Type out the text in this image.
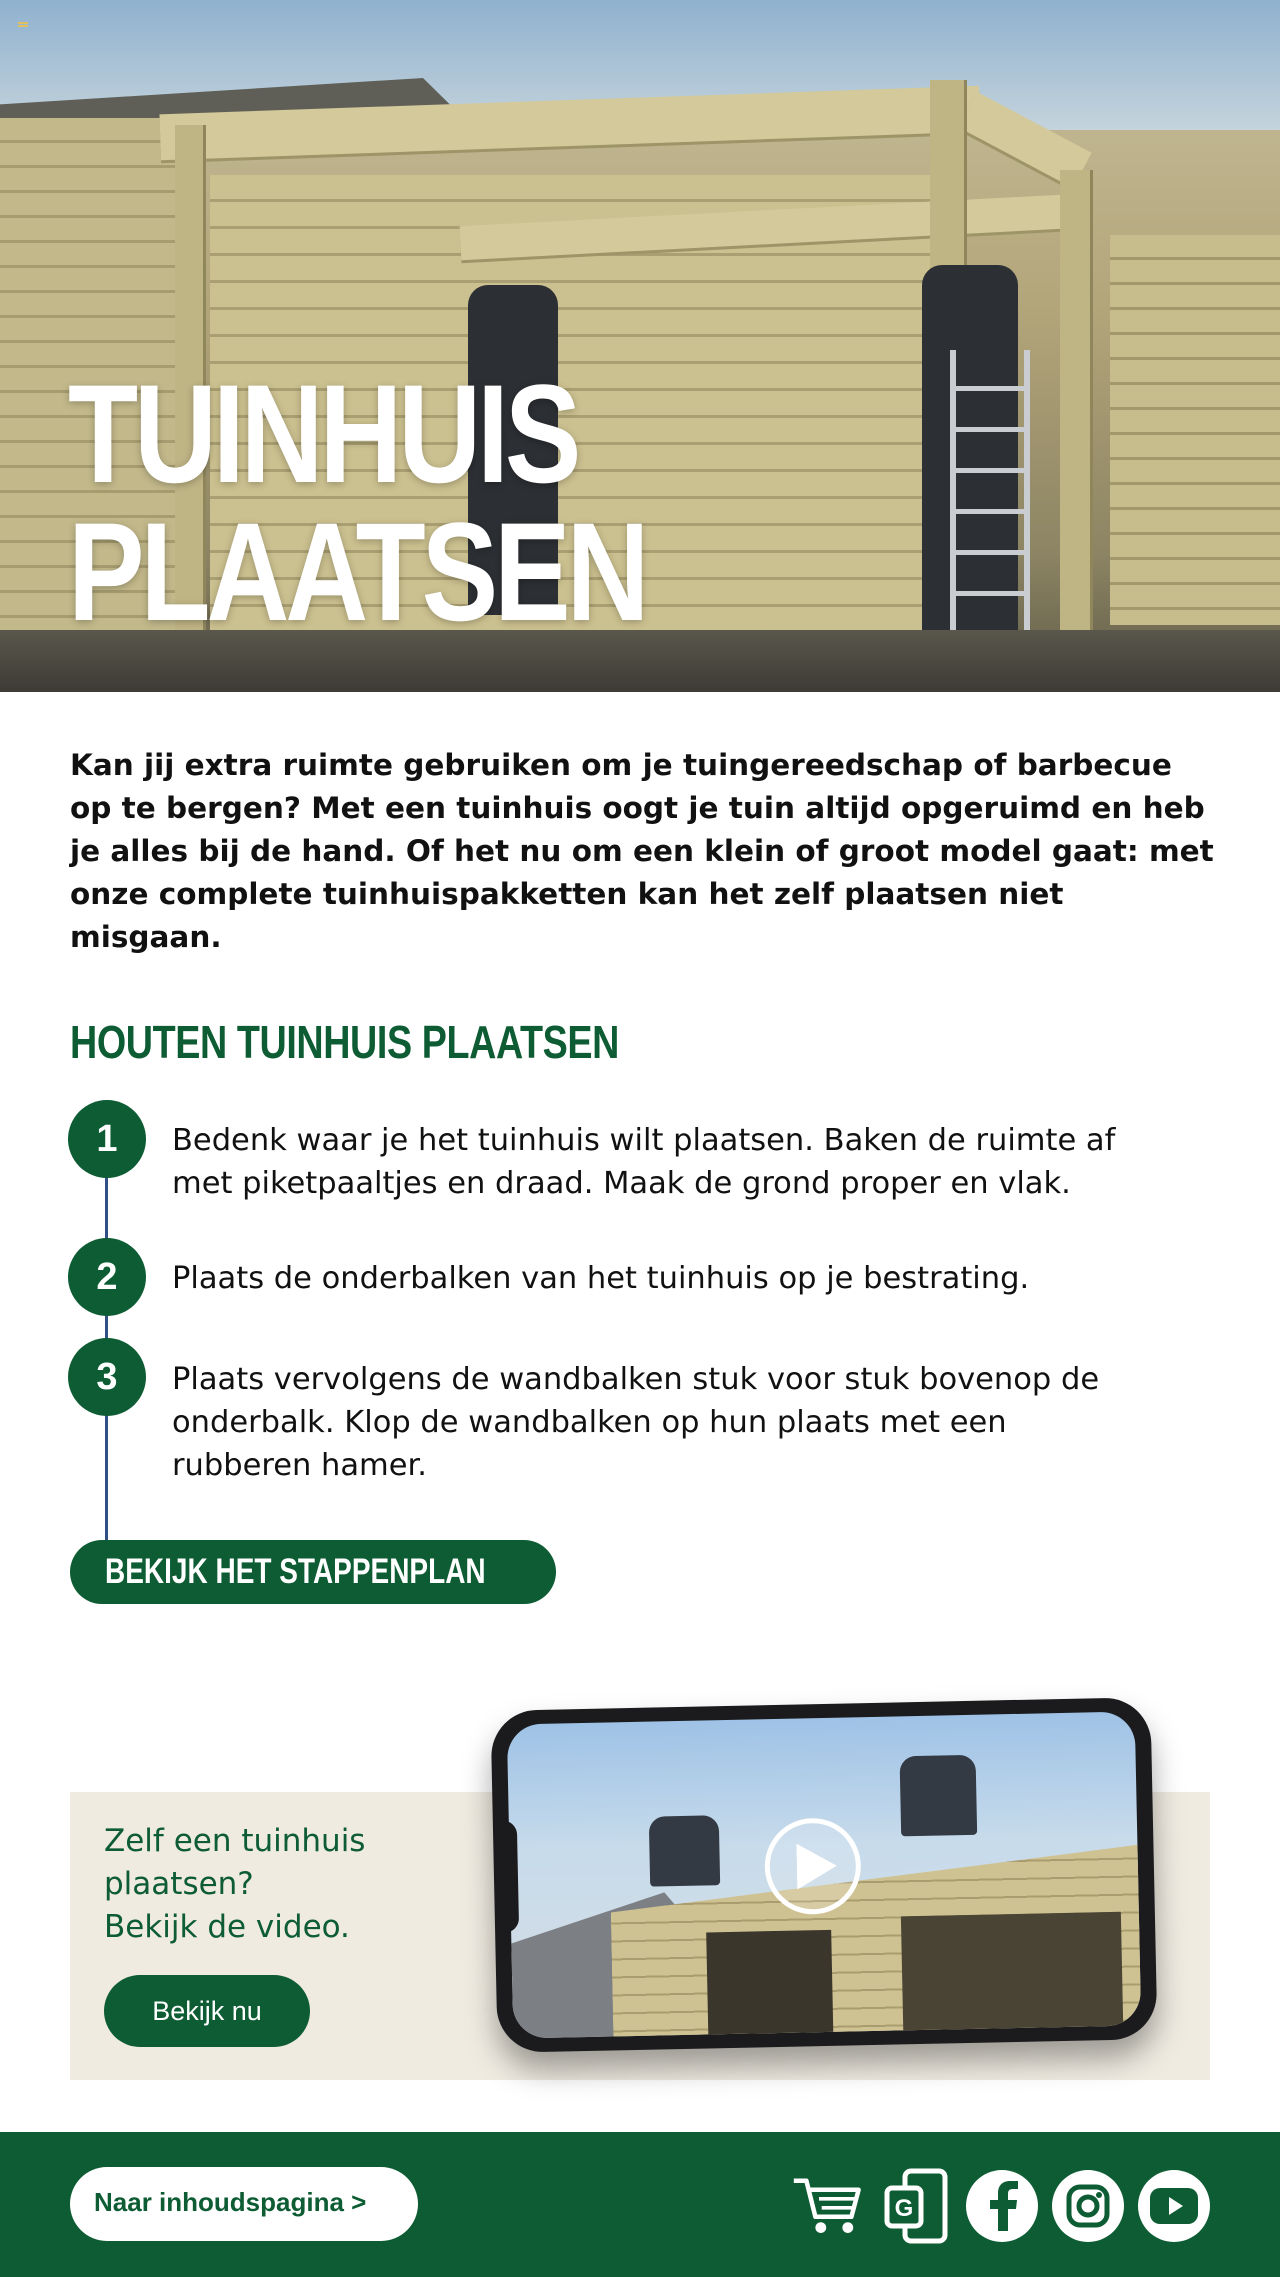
TUINHUIS
PLAATSEN

Kan jij extra ruimte gebruiken om je tuingereedschap of barbecue op te bergen? Met een tuinhuis oogt je tuin altijd opgeruimd en heb je alles bij de hand. Of het nu om een klein of groot model gaat: met onze complete tuinhuispakketten kan het zelf plaatsen niet misgaan.

HOUTEN TUINHUIS PLAATSEN
1	Bedenk waar je het tuinhuis wilt plaatsen. Baken de ruimte af met piketpaaltjes en draad. Maak de grond proper en vlak.

2	Plaats de onderbalken van het tuinhuis op je bestrating.

3	Plaats vervolgens de wandbalken stuk voor stuk bovenop de onderbalk. Klop de wandbalken op hun plaats met een rubberen hamer.

BEKIJK HET STAPPENPLAN
Zelf een tuinhuis
plaatsen?
Bekijk de video.
Bekijk nu
Naar inhoudspagina >	G
